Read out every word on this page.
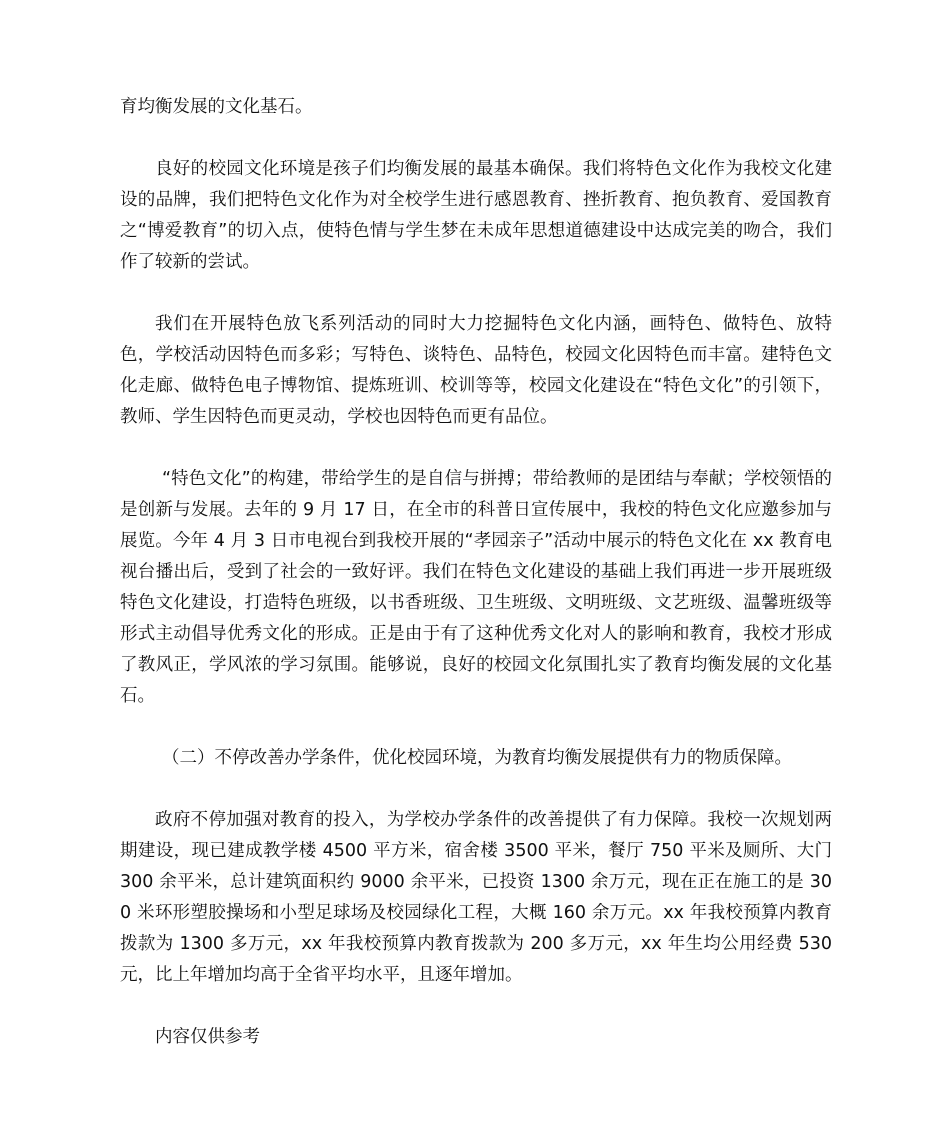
育均衡发展的文化基石。

良好的校园文化环境是孩子们均衡发展的最基本确保。我们将特色文化作为我校文化建设的品牌，我们把特色文化作为对全校学生进行感恩教育、挫折教育、抱负教育、爱国教育之“博爱教育”的切入点，使特色情与学生梦在未成年思想道德建设中达成完美的吻合，我们作了较新的尝试。

我们在开展特色放飞系列活动的同时大力挖掘特色文化内涵，画特色、做特色、放特色，学校活动因特色而多彩；写特色、谈特色、品特色，校园文化因特色而丰富。建特色文化走廊、做特色电子博物馆、提炼班训、校训等等，校园文化建设在“特色文化”的引领下，教师、学生因特色而更灵动，学校也因特色而更有品位。

“特色文化”的构建，带给学生的是自信与拼搏；带给教师的是团结与奉献；学校领悟的是创新与发展。去年的 9 月 17 日，在全市的科普日宣传展中，我校的特色文化应邀参加与展览。今年 4 月 3 日市电视台到我校开展的“孝园亲子”活动中展示的特色文化在 xx 教育电视台播出后，受到了社会的一致好评。我们在特色文化建设的基础上我们再进一步开展班级特色文化建设，打造特色班级，以书香班级、卫生班级、文明班级、文艺班级、温馨班级等形式主动倡导优秀文化的形成。正是由于有了这种优秀文化对人的影响和教育，我校才形成了教风正，学风浓的学习氛围。能够说，良好的校园文化氛围扎实了教育均衡发展的文化基石。

（二）不停改善办学条件，优化校园环境，为教育均衡发展提供有力的物质保障。

政府不停加强对教育的投入，为学校办学条件的改善提供了有力保障。我校一次规划两期建设，现已建成教学楼 4500 平方米，宿舍楼 3500 平米，餐厅 750 平米及厕所、大门 300 余平米，总计建筑面积约 9000 余平米，已投资 1300 余万元，现在正在施工的是 300 米环形塑胶操场和小型足球场及校园绿化工程，大概 160 余万元。xx 年我校预算内教育拨款为 1300 多万元，xx 年我校预算内教育拨款为 200 多万元，xx 年生均公用经费 530 元，比上年增加均高于全省平均水平，且逐年增加。

内容仅供参考
